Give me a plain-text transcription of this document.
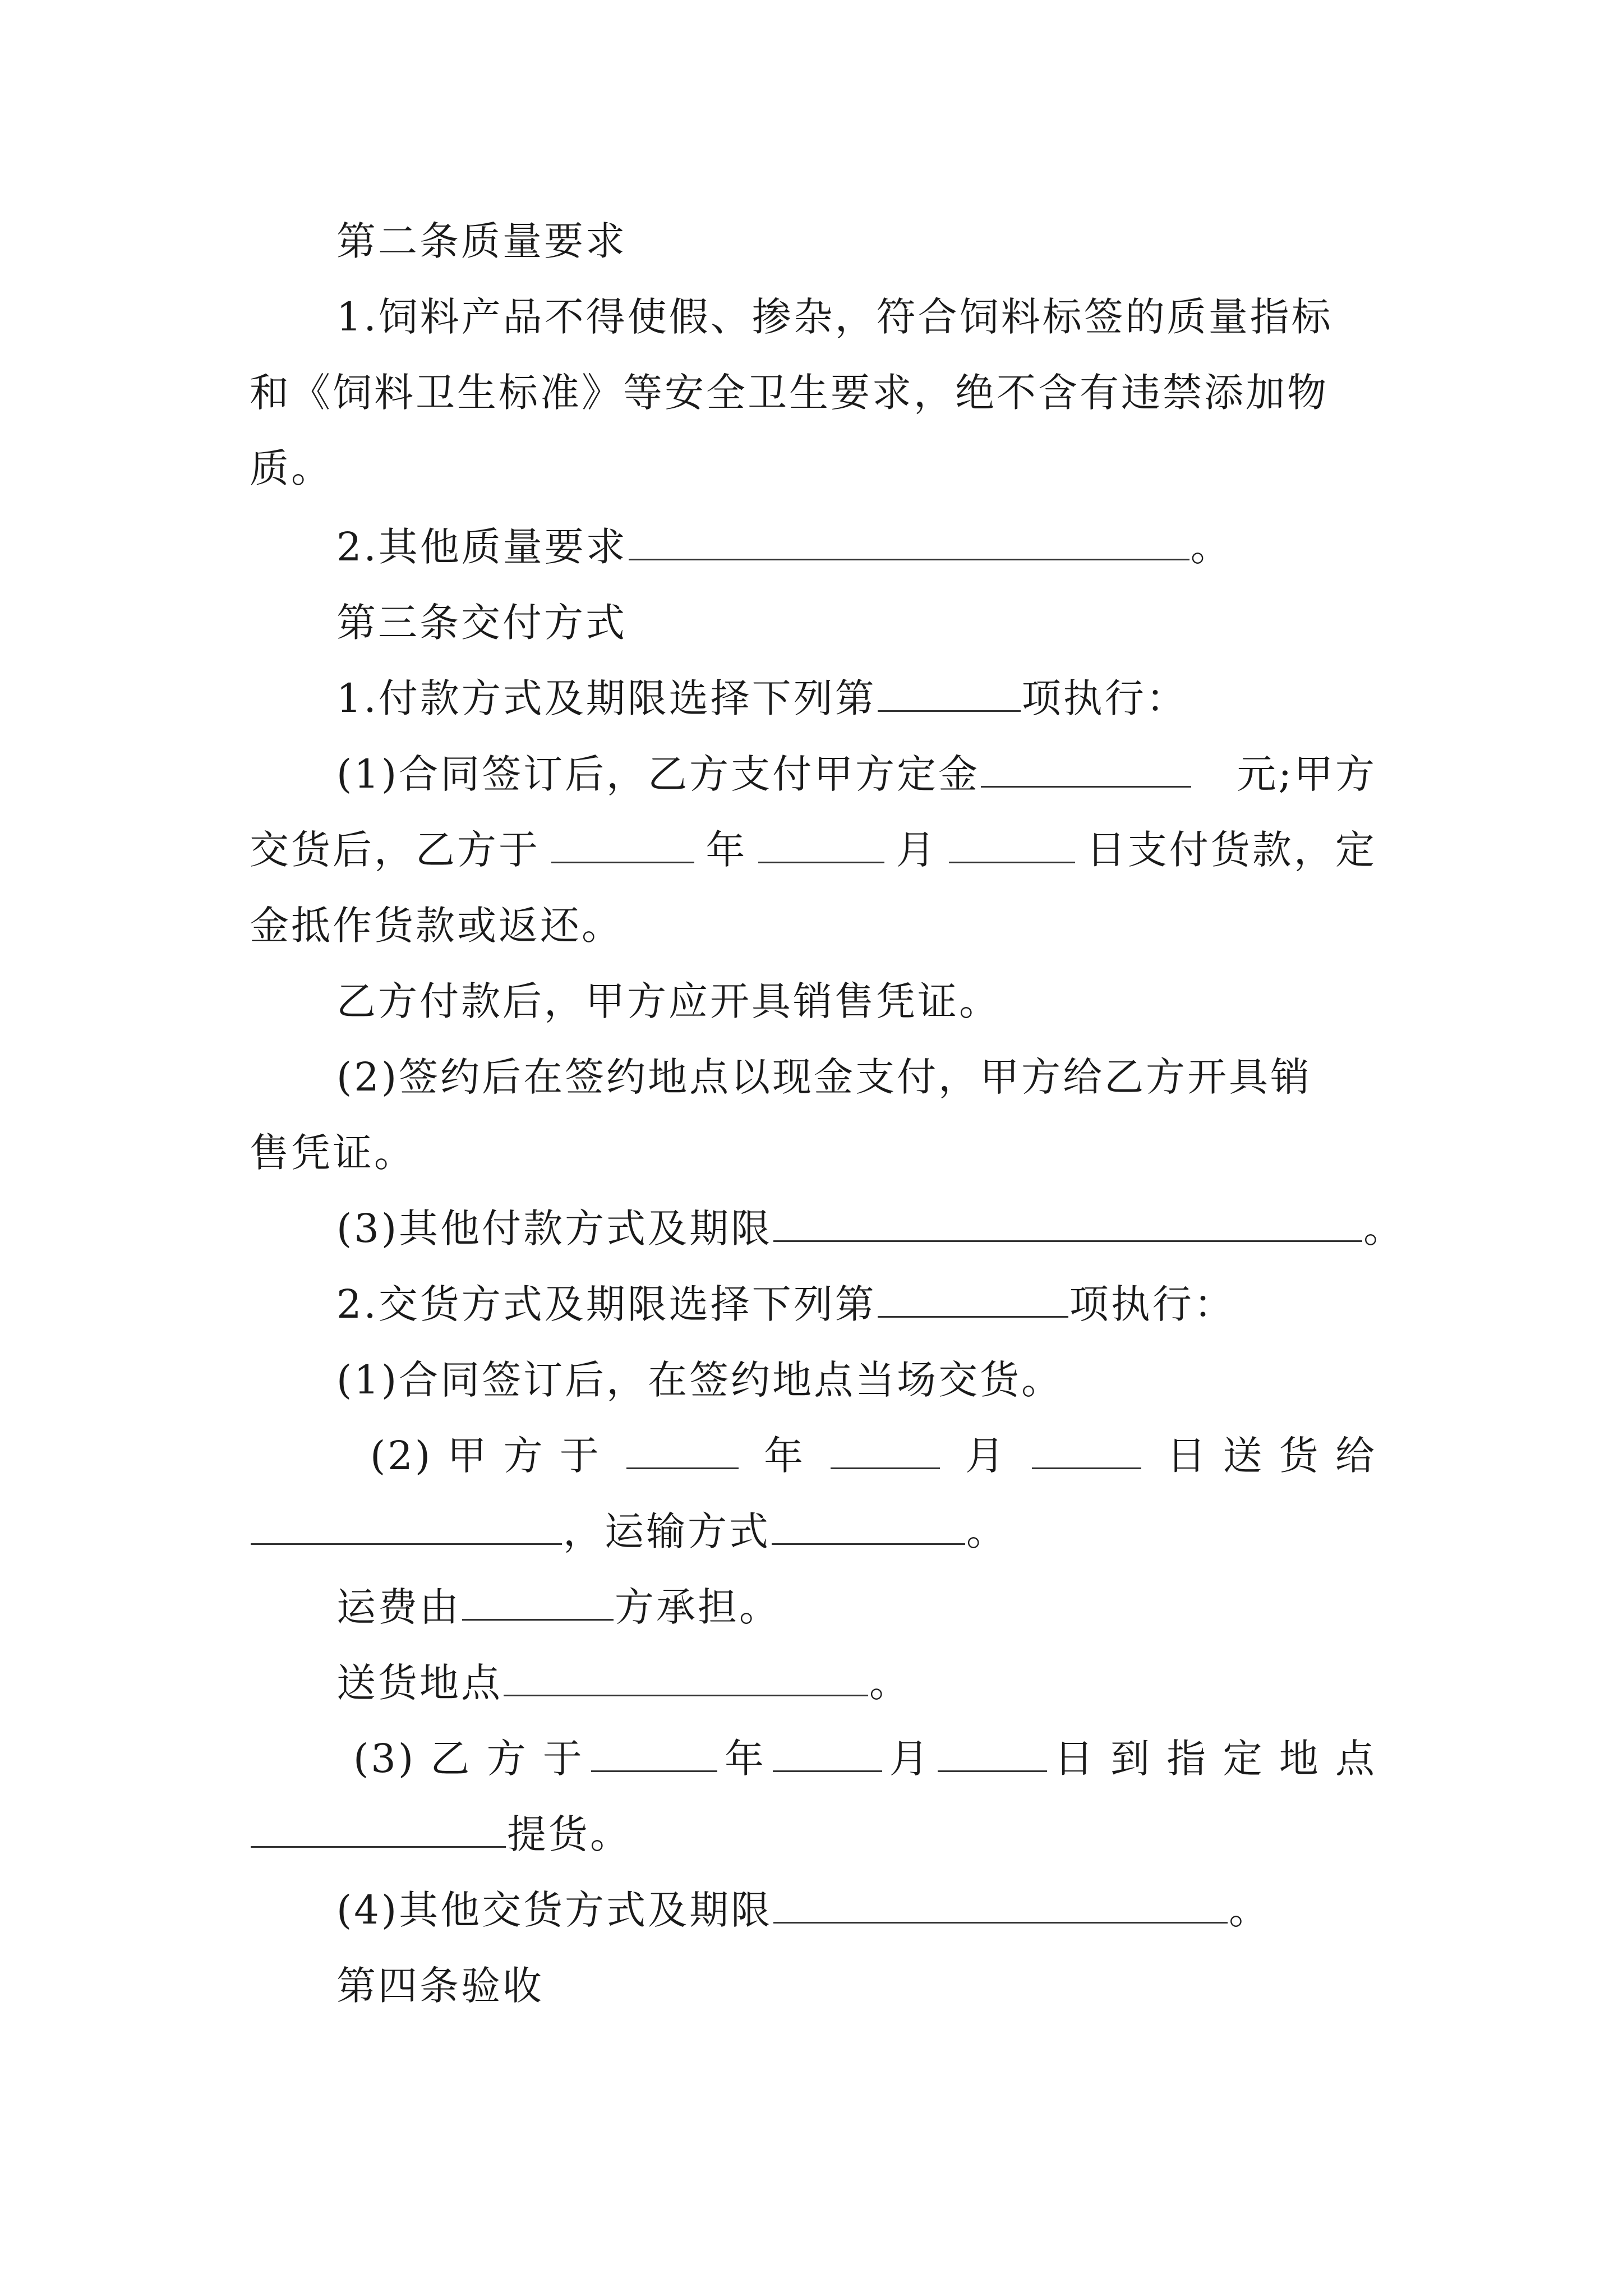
第二条质量要求
1.饲料产品不得使假、掺杂，符合饲料标签的质量指标
和《饲料卫生标准》等安全卫生要求，绝不含有违禁添加物
质。
2.其他质量要求	。
第三条交付方式
1.付款方式及期限选择下列第	项执行：
(1)合同签订后，乙方支付甲方定金	元;甲方
交货后，乙方于	年	月	日支付货款，定
金抵作货款或返还。
乙方付款后，甲方应开具销售凭证。
(2)签约后在签约地点以现金支付，甲方给乙方开具销
售凭证。
(3)其他付款方式及期限	。
2.交货方式及期限选择下列第	项执行：
(1)合同签订后，在签约地点当场交货。
(2) 甲 方 于	年	月	日 送 货 给
，运输方式	。
运费由	方承担。
送货地点	。
(3) 乙 方 于	年	月	日 到 指 定 地 点
提货。
(4)其他交货方式及期限	。
第四条验收
